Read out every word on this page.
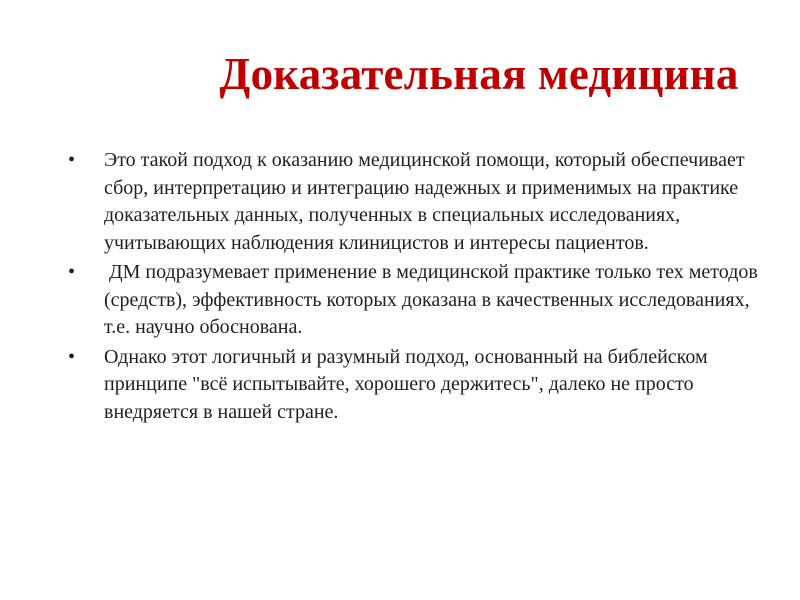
Доказательная медицина
• Это такой подход к оказанию медицинской помощи, который обеспечивает сбор, интерпретацию и интеграцию надежных и применимых на практике доказательных данных, полученных в специальных исследованиях, учитывающих наблюдения клиницистов и интересы пациентов.
• ДМ подразумевает применение в медицинской практике только тех методов (средств), эффективность которых доказана в качественных исследованиях, т.е. научно обоснована.
• Однако этот логичный и разумный подход, основанный на библейском принципе "всё испытывайте, хорошего держитесь", далеко не просто внедряется в нашей стране.
